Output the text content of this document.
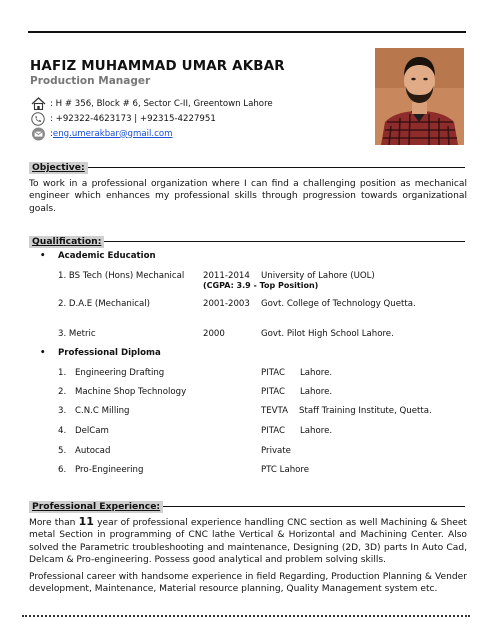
HAFIZ MUHAMMAD UMAR AKBAR
Production Manager
: H # 356, Block # 6, Sector C-II, Greentown Lahore
: +92322-4623173 | +92315-4227951
: eng.umerakbar@gmail.com
Objective:
To work in a professional organization where I can find a challenging position as mechanical engineer which enhances my professional skills through progression towards organizational goals.
Qualification:
• Academic Education
1. BS Tech (Hons) Mechanical 2011-2014 University of Lahore (UOL)
(CGPA: 3.9 - Top Position)
2. D.A.E (Mechanical)	2001-2003 Govt. College of Technology Quetta.
3. Metric	2000	Govt. Pilot High School Lahore.
• Professional Diploma
1. Engineering Drafting	PITAC Lahore.
2. Machine Shop Technology	PITAC Lahore.
3. C.N.C Milling	TEVTA Staff Training Institute, Quetta.
4. DelCam	PITAC Lahore.
5. Autocad	Private
6. Pro-Engineering	PTC Lahore
Professional Experience:
More than 11 year of professional experience handling CNC section as well Machining & Sheet metal Section in programming of CNC lathe Vertical & Horizontal and Machining Center. Also solved the Parametric troubleshooting and maintenance, Designing (2D, 3D) parts In Auto Cad, Delcam & Pro-engineering. Possess good analytical and problem solving skills.
Professional career with handsome experience in field Regarding, Production Planning & Vender development, Maintenance, Material resource planning, Quality Management system etc.
